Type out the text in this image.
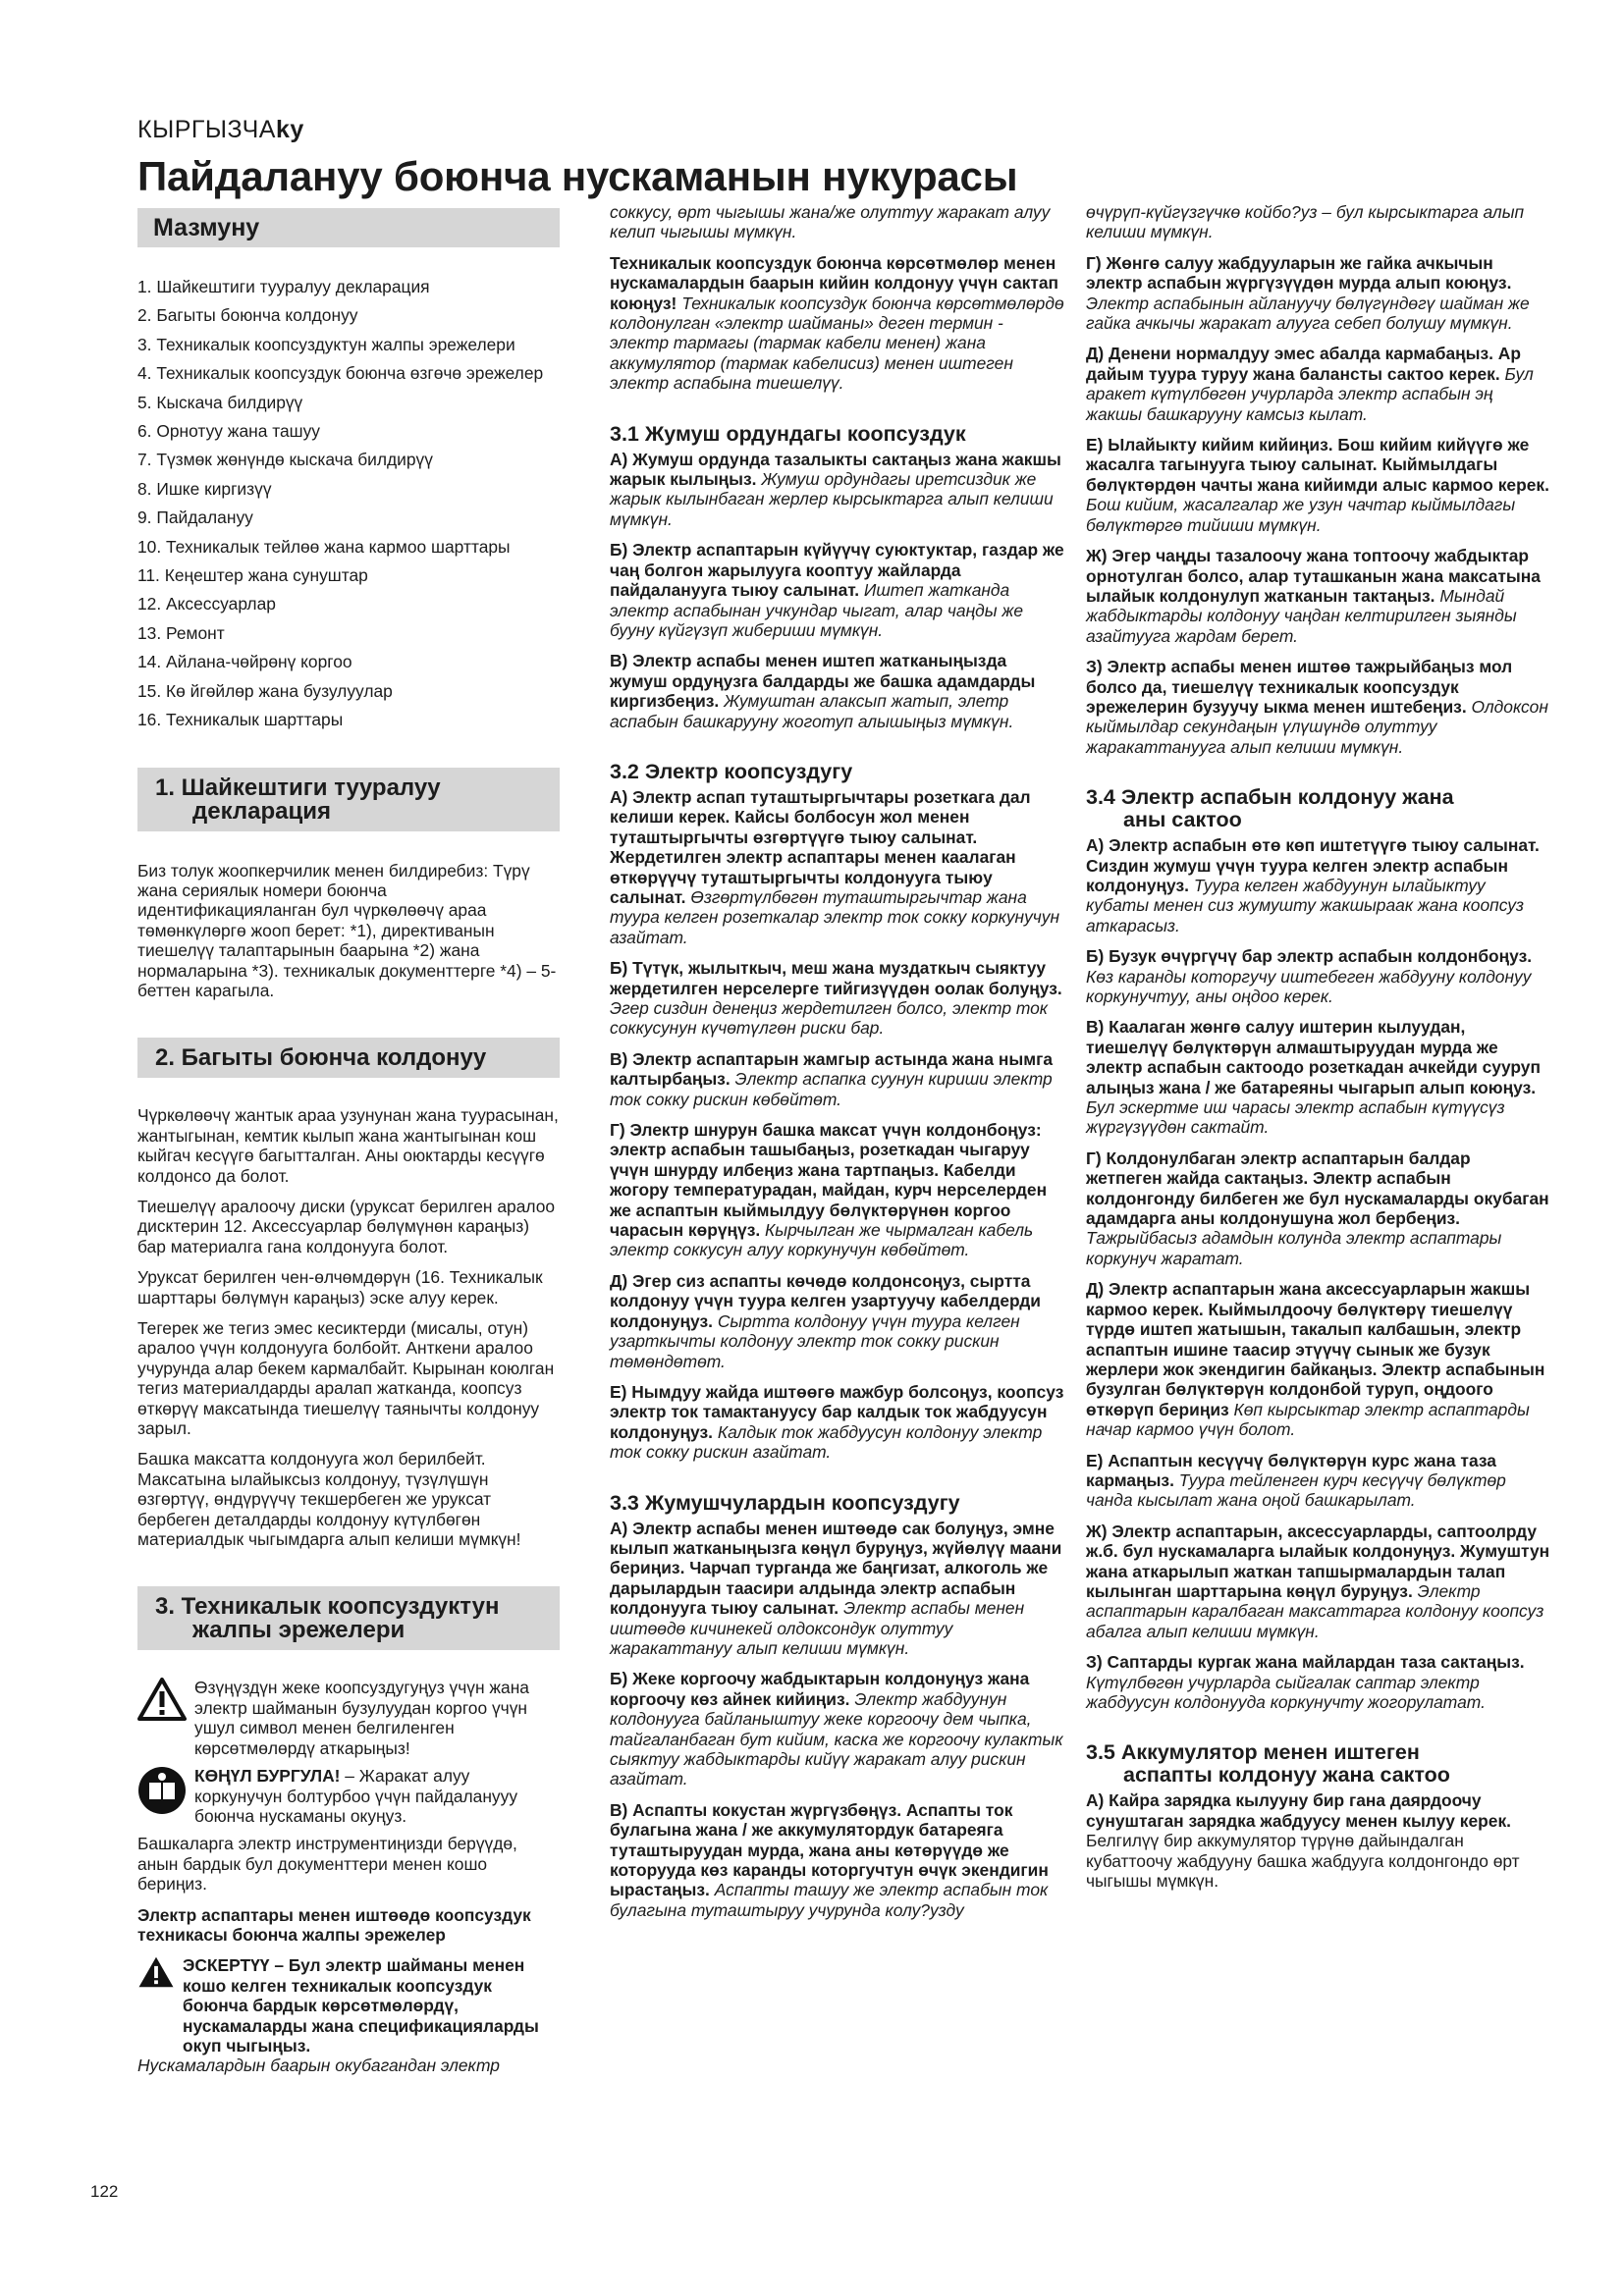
КЫРГЫЗЧАky
Пайдалануу боюнча нускаманын нукурасы
Мазмуну
1. Шайкештиги тууралуу декларация
2. Багыты боюнча колдонуу
3. Техникалык коопсуздуктун жалпы эрежелери
4. Техникалык коопсуздук боюнча өзгөчө эрежелер
5. Кыскача билдирүү
6. Орнотуу жана ташуу
7. Түзмөк жөнүндө кыскача билдирүү
8. Ишке киргизүү
9. Пайдалануу
10. Техникалык тейлөө жана кармоо шарттары
11. Кеңештер жана сунуштар
12. Аксессуарлар
13. Ремонт
14. Айлана-чөйрөнү коргоо
15. Кө йгөйлөр жана бузулуулар
16. Техникалык шарттары
1. Шайкештиги тууралуу
декларация
Биз толук жоопкерчилик менен билдиребиз: Түрү жана сериялык номери боюнча идентификацияланган бул чүркөлөөчү араа төмөнкүлөргө жооп берет: *1), директиванын тиешелүү талаптарынын баарына *2) жана нормаларына *3). техникалык документтерге *4) – 5-беттен карагыла.
2. Багыты боюнча колдонуу
Чүркөлөөчү жантык араа узунунан жана туурасынан, жантыгынан, кемтик кылып жана жантыгынан кош кыйгач кесүүгө багытталган. Аны оюктарды кесүүгө колдонсо да болот.
Тиешелүү аралоочу диски (уруксат берилген аралоо дисктерин 12. Аксессуарлар бөлүмүнөн караңыз) бар материалга гана колдонууга болот.
Уруксат берилген чен-өлчөмдөрүн (16. Техникалык шарттары бөлүмүн караңыз) эске алуу керек.
Тегерек же тегиз эмес кесиктерди (мисалы, отун) аралоо үчүн колдонууга болбойт. Анткени аралоо учурунда алар бекем кармалбайт. Кырынан коюлган тегиз материалдарды аралап жатканда, коопсуз өткөрүү максатында тиешелүү таянычты колдонуу зарыл.
Башка максатта колдонууга жол берилбейт. Максатына ылайыксыз колдонуу, түзүлүшүн өзгөртүү, өндүрүүчү текшербеген же уруксат бербеген деталдарды колдонуу күтүлбөгөн материалдык чыгымдарга алып келиши мүмкүн!
3. Техникалык коопсуздуктун
жалпы эрежелери
Өзүңүздүн жеке коопсуздугуңуз үчүн жана электр шайманын бузулуудан коргоо үчүн ушул символ менен белгиленген көрсөтмөлөрдү аткарыңыз!
КӨҢҮЛ БУРГУЛА! – Жаракат алуу коркунучун болтурбоо үчүн пайдаланууу боюнча нускаманы окуңуз.
Башкаларга электр инструментиңизди берүүдө, анын бардык бул документтери менен кошо бериңиз.
Электр аспаптары менен иштөөдө коопсуздук техникасы боюнча жалпы эрежелер
ЭСКЕРТҮҮ – Бул электр шайманы менен кошо келген техникалык коопсуздук боюнча бардык көрсөтмөлөрдү, нускамаларды жана спецификацияларды окуп чыгыңыз.
Нускамалардын баарын окубагандан электр
соккусу, өрт чыгышы жана/же олуттуу жаракат алуу келип чыгышы мүмкүн.
Техникалык коопсуздук боюнча көрсөтмөлөр менен нускамалардын баарын кийин колдонуу үчүн сактап коюңуз! Техникалык коопсуздук боюнча көрсөтмөлөрдө колдонулган «электр шайманы» деген термин - электр тармагы (тармак кабели менен) жана аккумулятор (тармак кабелисиз) менен иштеген электр аспабына тиешелүү.
3.1 Жумуш ордундагы коопсуздук
А) Жумуш ордунда тазалыкты сактаңыз жана жакшы жарык кылыңыз. Жумуш ордундагы иретсиздик же жарык кылынбаган жерлер кырсыктарга алып келиши мүмкүн.
Б) Электр аспаптарын күйүүчү суюктуктар, газдар же чаң болгон жарылууга кооптуу жайларда пайдаланууга тыюу салынат. Иштеп жатканда электр аспабынан учкундар чыгат, алар чаңды же бууну күйгүзүп жибериши мүмкүн.
В) Электр аспабы менен иштеп жатканыңызда жумуш ордуңузга балдарды же башка адамдарды киргизбеңиз. Жумуштан алаксып жатып, элетр аспабын башкарууну жоготуп алышыңыз мүмкүн.
3.2 Электр коопсуздугу
А) Электр аспап туташтыргычтары розеткага дал келиши керек. Кайсы болбосун жол менен туташтыргычты өзгөртүүгө тыюу салынат. Жердетилген электр аспаптары менен каалаган өткөрүүчү туташтыргычты колдонууга тыюу салынат. Өзгөртүлбөгөн туташтыргычтар жана туура келген розеткалар электр ток сокку коркунучун азайтат.
Б) Түтүк, жылыткыч, меш жана муздаткыч сыяктуу жердетилген нерселерге тийгизүүдөн оолак болуңуз. Эгер сиздин денеңиз жердетилген болсо, электр ток соккусунун күчөтүлгөн риски бар.
В) Электр аспаптарын жамгыр астында жана нымга калтырбаңыз. Электр аспапка суунун кириши электр ток сокку рискин көбөйтөт.
Г) Электр шнурун башка максат үчүн колдонбоңуз: электр аспабын ташыбаңыз, розеткадан чыгаруу үчүн шнурду илбеңиз жана тартпаңыз. Кабелди жогору температурадан, майдан, курч нерселерден же аспаптын кыймылдуу бөлүктөрүнөн коргоо чарасын көрүңүз. Кырчылган же чырмалган кабель электр соккусун алуу коркунучун көбөйтөт.
Д) Эгер сиз аспапты көчөдө колдонсоңуз, сыртта колдонуу үчүн туура келген узартуучу кабелдерди колдонуңуз. Сыртта колдонуу үчүн туура келген узарткычты колдонуу электр ток сокку рискин төмөндөтөт.
Е) Нымдуу жайда иштөөгө мажбур болсоңуз, коопсуз электр ток тамактануусу бар калдык ток жабдуусун колдонуңуз. Калдык ток жабдуусун колдонуу электр ток сокку рискин азайтат.
3.3 Жумушчулардын коопсуздугу
А) Электр аспабы менен иштөөдө сак болуңуз, эмне кылып жатканыңызга көңүл буруңуз, жүйөлүү маани бериңиз. Чарчап турганда же баңгизат, алкоголь же дарылардын таасири алдында электр аспабын колдонууга тыюу салынат. Электр аспабы менен иштөөдө кичинекей олдоксондук олуттуу жаракаттануу алып келиши мүмкүн.
Б) Жеке коргоочу жабдыктарын колдонуңуз жана коргоочу көз айнек кийиңиз. Электр жабдуунун колдонууга байланыштуу жеке коргоочу дем чыпка, тайгаланбаган бут кийим, каска же коргоочу кулактык сыяктуу жабдыктарды кийүү жаракат алуу рискин азайтат.
В) Аспапты кокустан жүргүзбөңүз. Аспапты ток булагына жана / же аккумулятордук батареяга туташтыруудан мурда, жана аны көтөрүүдө же которууда көз каранды которгучтун өчүк экендигин ырастаңыз. Аспапты ташуу же электр аспабын ток булагына туташтыруу учурунда колу?узду
өчүрүп-күйгүзгүчкө койбо?уз – бул кырсыктарга алып келиши мүмкүн.
Г) Жөнгө салуу жабдууларын же гайка ачкычын электр аспабын жүргүзүүдөн мурда алып коюңуз. Электр аспабынын айлануучу бөлүгүндөгү шайман же гайка ачкычы жаракат алууга себеп болушу мүмкүн.
Д) Денени нормалдуу эмес абалда кармабаңыз. Ар дайым туура туруу жана балансты сактоо керек. Бул аракет күтүлбөгөн учурларда электр аспабын эң жакшы башкарууну камсыз кылат.
Е) Ылайыкту кийим кийиңиз. Бош кийим кийүүгө же жасалга тагынууга тыюу салынат. Кыймылдагы бөлүктөрдөн чачты жана кийимди алыс кармоо керек. Бош кийим, жасалгалар же узун чачтар кыймылдагы бөлүктөргө тийиши мүмкүн.
Ж) Эгер чаңды тазалоочу жана топтоочу жабдыктар орнотулган болсо, алар туташканын жана максатына ылайык колдонулуп жатканын тактаңыз. Мындай жабдыктарды колдонуу чаңдан келтирилген зыянды азайтууга жардам берет.
З) Электр аспабы менен иштөө тажрыйбаңыз мол болсо да, тиешелүү техникалык коопсуздук эрежелерин бузуучу ыкма менен иштебеңиз. Олдоксон кыймылдар секундаңын үлүшүндө олуттуу жаракаттанууга алып келиши мүмкүн.
3.4 Электр аспабын колдонуу жана
аны сактоо
А) Электр аспабын өтө көп иштетүүгө тыюу салынат. Сиздин жумуш үчүн туура келген электр аспабын колдонуңуз. Туура келген жабдуунун ылайыктуу кубаты менен сиз жумушту жакшыраак жана коопсуз аткарасыз.
Б) Бузук өчүргүчү бар электр аспабын колдонбоңуз. Көз каранды которгучу иштебеген жабдууну колдонуу коркунучтуу, аны оңдоо керек.
В) Каалаган жөнгө салуу иштерин кылуудан, тиешелүү бөлүктөрүн алмаштыруудан мурда же электр аспабын сактоодо розеткадан ачкейди сууруп алыңыз жана / же батареяны чыгарып алып коюңуз. Бул эскертме иш чарасы электр аспабын күтүүсүз жүргүзүүдөн сактайт.
Г) Колдонулбаган электр аспаптарын балдар жетпеген жайда сактаңыз. Электр аспабын колдонгонду билбеген же бул нускамаларды окубаган адамдарга аны колдонушуна жол бербеңиз. Тажрыйбасыз адамдын колунда электр аспаптары коркунуч жаратат.
Д) Электр аспаптарын жана аксессуарларын жакшы кармоо керек. Кыймылдоочу бөлүктөрү тиешелүү түрдө иштеп жатышын, такалып калбашын, электр аспаптын ишине таасир этүүчү сынык же бузук жерлери жок экендигин байкаңыз. Электр аспабынын бузулган бөлүктөрүн колдонбой туруп, оңдоого өткөрүп бериңиз Көп кырсыктар электр аспаптарды начар кармоо үчүн болот.
Е) Аспаптын кесүүчү бөлүктөрүн курс жана таза кармаңыз. Туура тейленген курч кесүүчү бөлүктөр чанда кысылат жана оңой башкарылат.
Ж) Электр аспаптарын, аксессуарларды, саптоолрду ж.б. бул нускамаларга ылайык колдонуңуз. Жумуштун жана аткарылып жаткан тапшырмалардын талап кылынган шарттарына көңүл буруңуз. Электр аспаптарын каралбаган максаттарга колдонуу коопсуз абалга алып келиши мүмкүн.
З) Саптарды кургак жана майлардан таза сактаңыз. Күтүлбөгөн учурларда сыйгалак саптар электр жабдуусун колдонууда коркунучту жогорулатат.
3.5 Аккумулятор менен иштеген
аспапты колдонуу жана сактоо
А) Кайра зарядка кылууну бир гана даярдоочу сунуштаган зарядка жабдуусу менен кылуу керек. Белгилүү бир аккумулятор түрүнө дайындалган кубаттоочу жабдууну башка жабдууга колдонгондо өрт чыгышы мүмкүн.
122
